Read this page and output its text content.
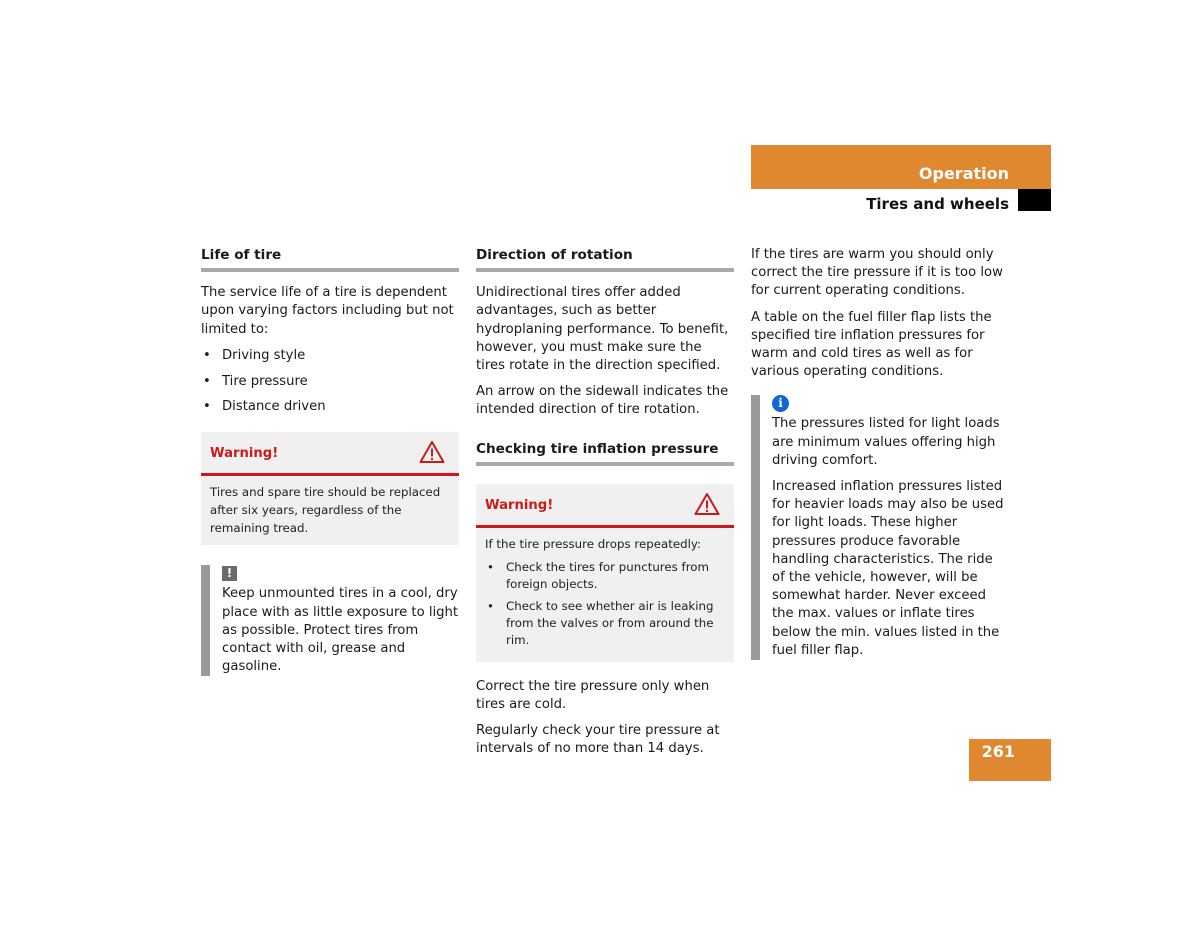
Operation
Tires and wheels
Life of tire

The service life of a tire is dependent upon varying factors including but not limited to:

• Driving style
• Tire pressure
• Distance driven
Warning!
Tires and spare tire should be replaced after six years, regardless of the remaining tread.
!
Keep unmounted tires in a cool, dry place with as little exposure to light as possible. Protect tires from contact with oil, grease and gasoline.
Direction of rotation

Unidirectional tires offer added advantages, such as better hydroplaning performance. To benefit, however, you must make sure the tires rotate in the direction specified.

An arrow on the sidewall indicates the intended direction of tire rotation.

Checking tire inflation pressure
Warning!

If the tire pressure drops repeatedly:

• Check the tires for punctures from foreign objects.
• Check to see whether air is leaking from the valves or from around the rim.

Correct the tire pressure only when tires are cold.

Regularly check your tire pressure at intervals of no more than 14 days.

If the tires are warm you should only correct the tire pressure if it is too low for current operating conditions.

A table on the fuel filler flap lists the specified tire inflation pressures for warm and cold tires as well as for various operating conditions.

i

The pressures listed for light loads are minimum values offering high driving comfort.

Increased inflation pressures listed for heavier loads may also be used for light loads. These higher pressures produce favorable handling characteristics. The ride of the vehicle, however, will be somewhat harder. Never exceed the max. values or inflate tires below the min. values listed in the fuel filler flap.

261
